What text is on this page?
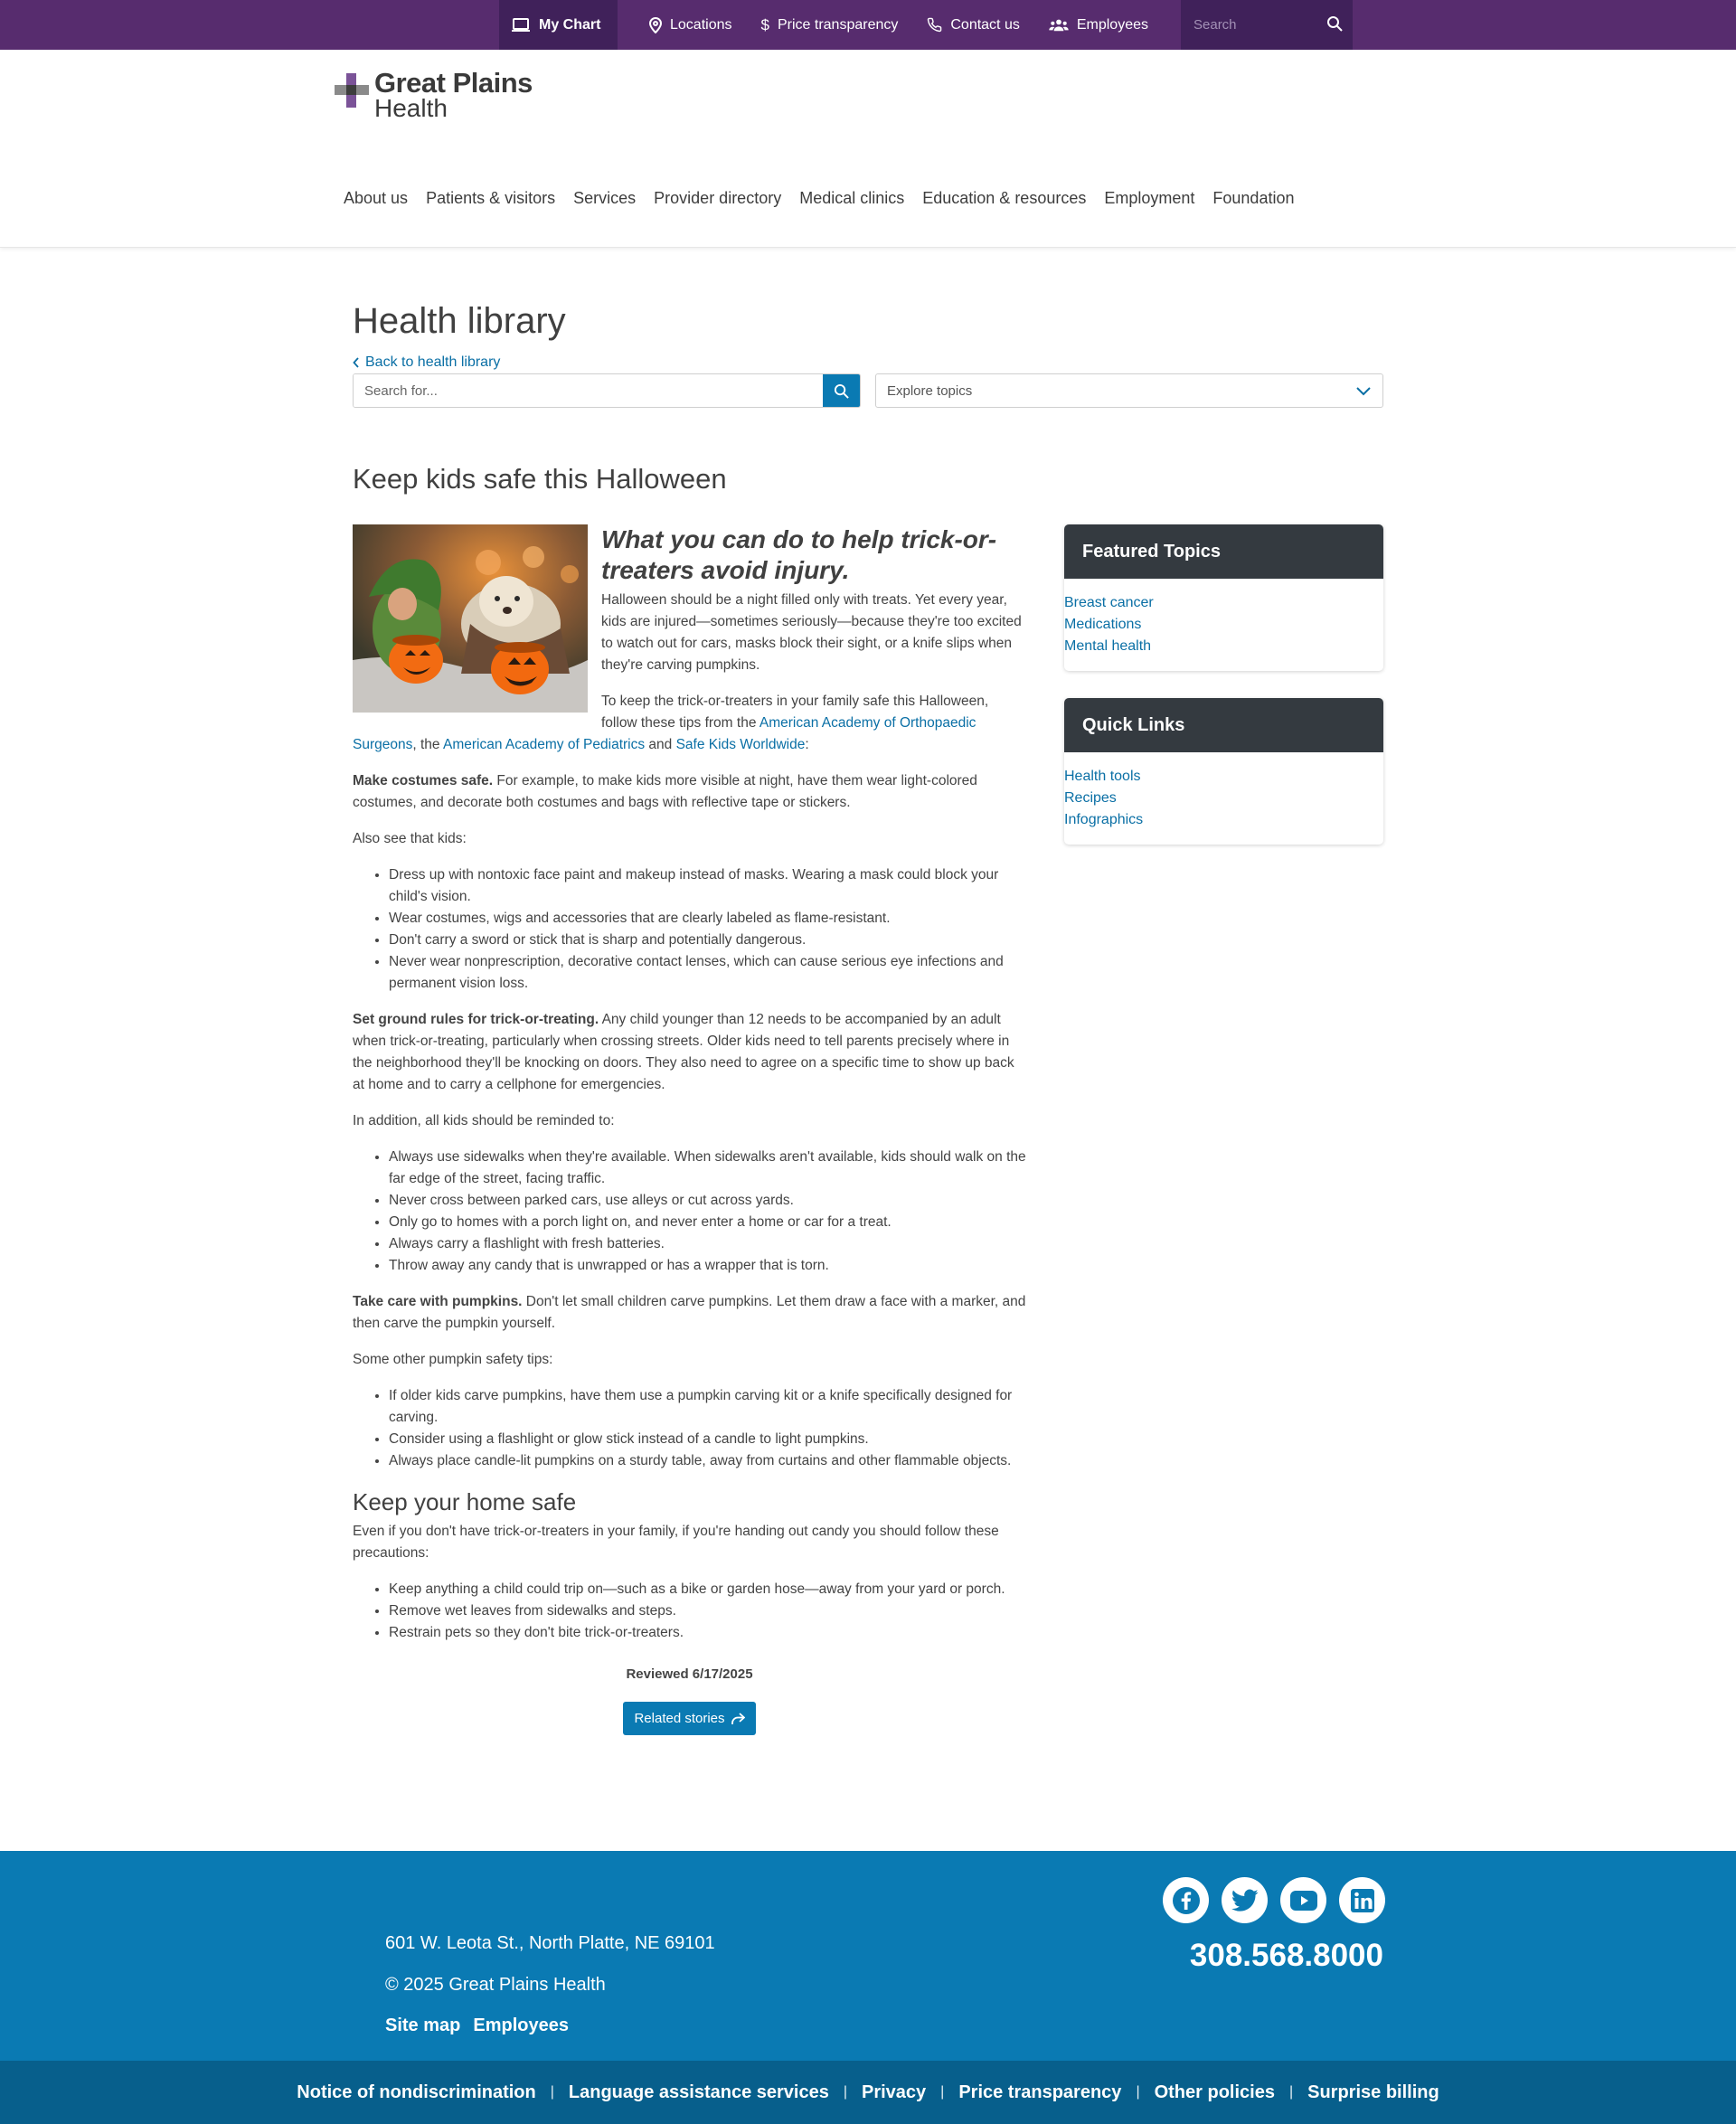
My Chart	Locations $ Price transparency	Contact us	Employees
Search
Great Plains
Health
About us	Patients & visitors	Services	Provider directory	Medical clinics	Education & resources	Employment	Foundation
Health library
Back to health library
Search for...
Explore topics
Keep kids safe this Halloween
What you can do to help trick-or-treaters avoid injury.

Halloween should be a night filled only with treats. Yet every year, kids are injured—sometimes seriously—because they're too excited to watch out for cars, masks block their sight, or a knife slips when they're carving pumpkins.

To keep the trick-or-treaters in your family safe this Halloween, follow these tips from the American Academy of Orthopaedic Surgeons, the American Academy of Pediatrics and Safe Kids Worldwide:

Make costumes safe. For example, to make kids more visible at night, have them wear light-colored costumes, and decorate both costumes and bags with reflective tape or stickers.

Also see that kids:

• Dress up with nontoxic face paint and makeup instead of masks. Wearing a mask could block your child's vision.
• Wear costumes, wigs and accessories that are clearly labeled as flame-resistant.
• Don't carry a sword or stick that is sharp and potentially dangerous.
• Never wear nonprescription, decorative contact lenses, which can cause serious eye infections and permanent vision loss.

Set ground rules for trick-or-treating. Any child younger than 12 needs to be accompanied by an adult when trick-or-treating, particularly when crossing streets. Older kids need to tell parents precisely where in the neighborhood they'll be knocking on doors. They also need to agree on a specific time to show up back at home and to carry a cellphone for emergencies.

In addition, all kids should be reminded to:

• Always use sidewalks when they're available. When sidewalks aren't available, kids should walk on the far edge of the street, facing traffic.
• Never cross between parked cars, use alleys or cut across yards.
• Only go to homes with a porch light on, and never enter a home or car for a treat.
• Always carry a flashlight with fresh batteries.
• Throw away any candy that is unwrapped or has a wrapper that is torn.

Take care with pumpkins. Don't let small children carve pumpkins. Let them draw a face with a marker, and then carve the pumpkin yourself.

Some other pumpkin safety tips:

• If older kids carve pumpkins, have them use a pumpkin carving kit or a knife specifically designed for carving.
• Consider using a flashlight or glow stick instead of a candle to light pumpkins.
• Always place candle-lit pumpkins on a sturdy table, away from curtains and other flammable objects.
Keep your home safe

Even if you don't have trick-or-treaters in your family, if you're handing out candy you should follow these precautions:

• Keep anything a child could trip on—such as a bike or garden hose—away from your yard or porch.
• Remove wet leaves from sidewalks and steps.
• Restrain pets so they don't bite trick-or-treaters.
Reviewed 6/17/2025
Related stories
Featured Topics
Breast cancer
Medications
Mental health
Quick Links
Health tools
Recipes
Infographics
601 W. Leota St., North Platte, NE 69101
© 2025 Great Plains Health
Site map Employees
308.568.8000
Notice of nondiscrimination | Language assistance services | Privacy | Price transparency | Other policies | Surprise billing
